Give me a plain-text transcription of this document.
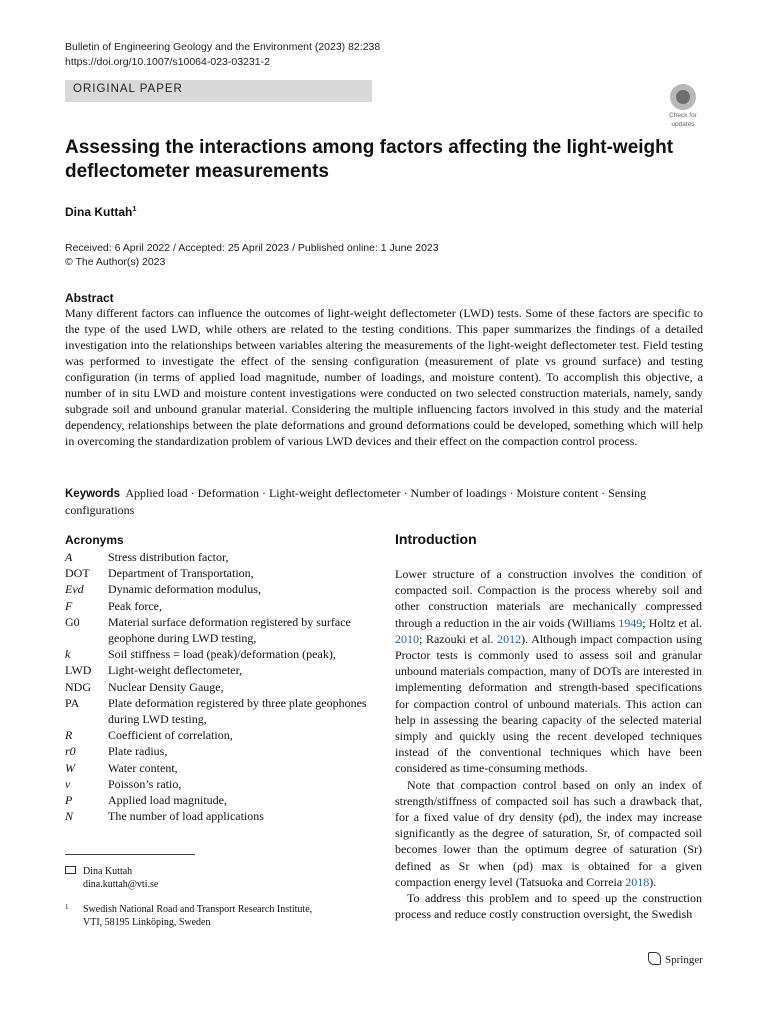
Bulletin of Engineering Geology and the Environment (2023) 82:238
https://doi.org/10.1007/s10064-023-03231-2
ORIGINAL PAPER
Check for
updates
Assessing the interactions among factors affecting the light-weight deflectometer measurements
Dina Kuttah$^1$
Received: 6 April 2022 / Accepted: 25 April 2023 / Published online: 1 June 2023
© The Author(s) 2023
Abstract
Many different factors can influence the outcomes of light-weight deflectometer (LWD) tests. Some of these factors are specific to the type of the used LWD, while others are related to the testing conditions. This paper summarizes the findings of a detailed investigation into the relationships between variables altering the measurements of the light-weight deflectometer test. Field testing was performed to investigate the effect of the sensing configuration (measurement of plate vs ground surface) and testing configuration (in terms of applied load magnitude, number of loadings, and moisture content). To accomplish this objective, a number of in situ LWD and moisture content investigations were conducted on two selected construction materials, namely, sandy subgrade soil and unbound granular material. Considering the multiple influencing factors involved in this study and the material dependency, relationships between the plate deformations and ground deformations could be developed, something which will help in overcoming the standardization problem of various LWD devices and their effect on the compaction control process.
Keywords Applied load · Deformation · Light-weight deflectometer · Number of loadings · Moisture content · Sensing configurations
Acronyms
A	Stress distribution factor,
DOT	Department of Transportation,
Evd	Dynamic deformation modulus,
F	Peak force,
G0	Material surface deformation registered by surface geophone during LWD testing,
k	Soil stiffness = load (peak)/deformation (peak),
LWD	Light-weight deflectometer,
NDG	Nuclear Density Gauge,
PA	Plate deformation registered by three plate geophones during LWD testing,
R	Coefficient of correlation,
r0	Plate radius,
W	Water content,
ν	Poisson’s ratio,
P	Applied load magnitude,
N	The number of load applications
Dina Kuttah
dina.kuttah@vti.se
1 Swedish National Road and Transport Research Institute,
VTI, 58195 Linköping, Sweden
Introduction

Lower structure of a construction involves the condition of compacted soil. Compaction is the process whereby soil and other construction materials are mechanically compressed through a reduction in the air voids (Williams 1949; Holtz et al. 2010; Razouki et al. 2012). Although impact compaction using Proctor tests is commonly used to assess soil and granular unbound materials compaction, many of DOTs are interested in implementing deformation and strength-based specifications for compaction control of unbound materials. This action can help in assessing the bearing capacity of the selected material simply and quickly using the recent developed techniques instead of the conventional techniques which have been considered as time-consuming methods.

Note that compaction control based on only an index of strength/stiffness of compacted soil has such a drawback that, for a fixed value of dry density (ρd), the index may increase significantly as the degree of saturation, Sr, of compacted soil becomes lower than the optimum degree of saturation (Sr) defined as Sr when (ρd) max is obtained for a given compaction energy level (Tatsuoka and Correia 2018).

To address this problem and to speed up the construction process and reduce costly construction oversight, the Swedish

Springer
